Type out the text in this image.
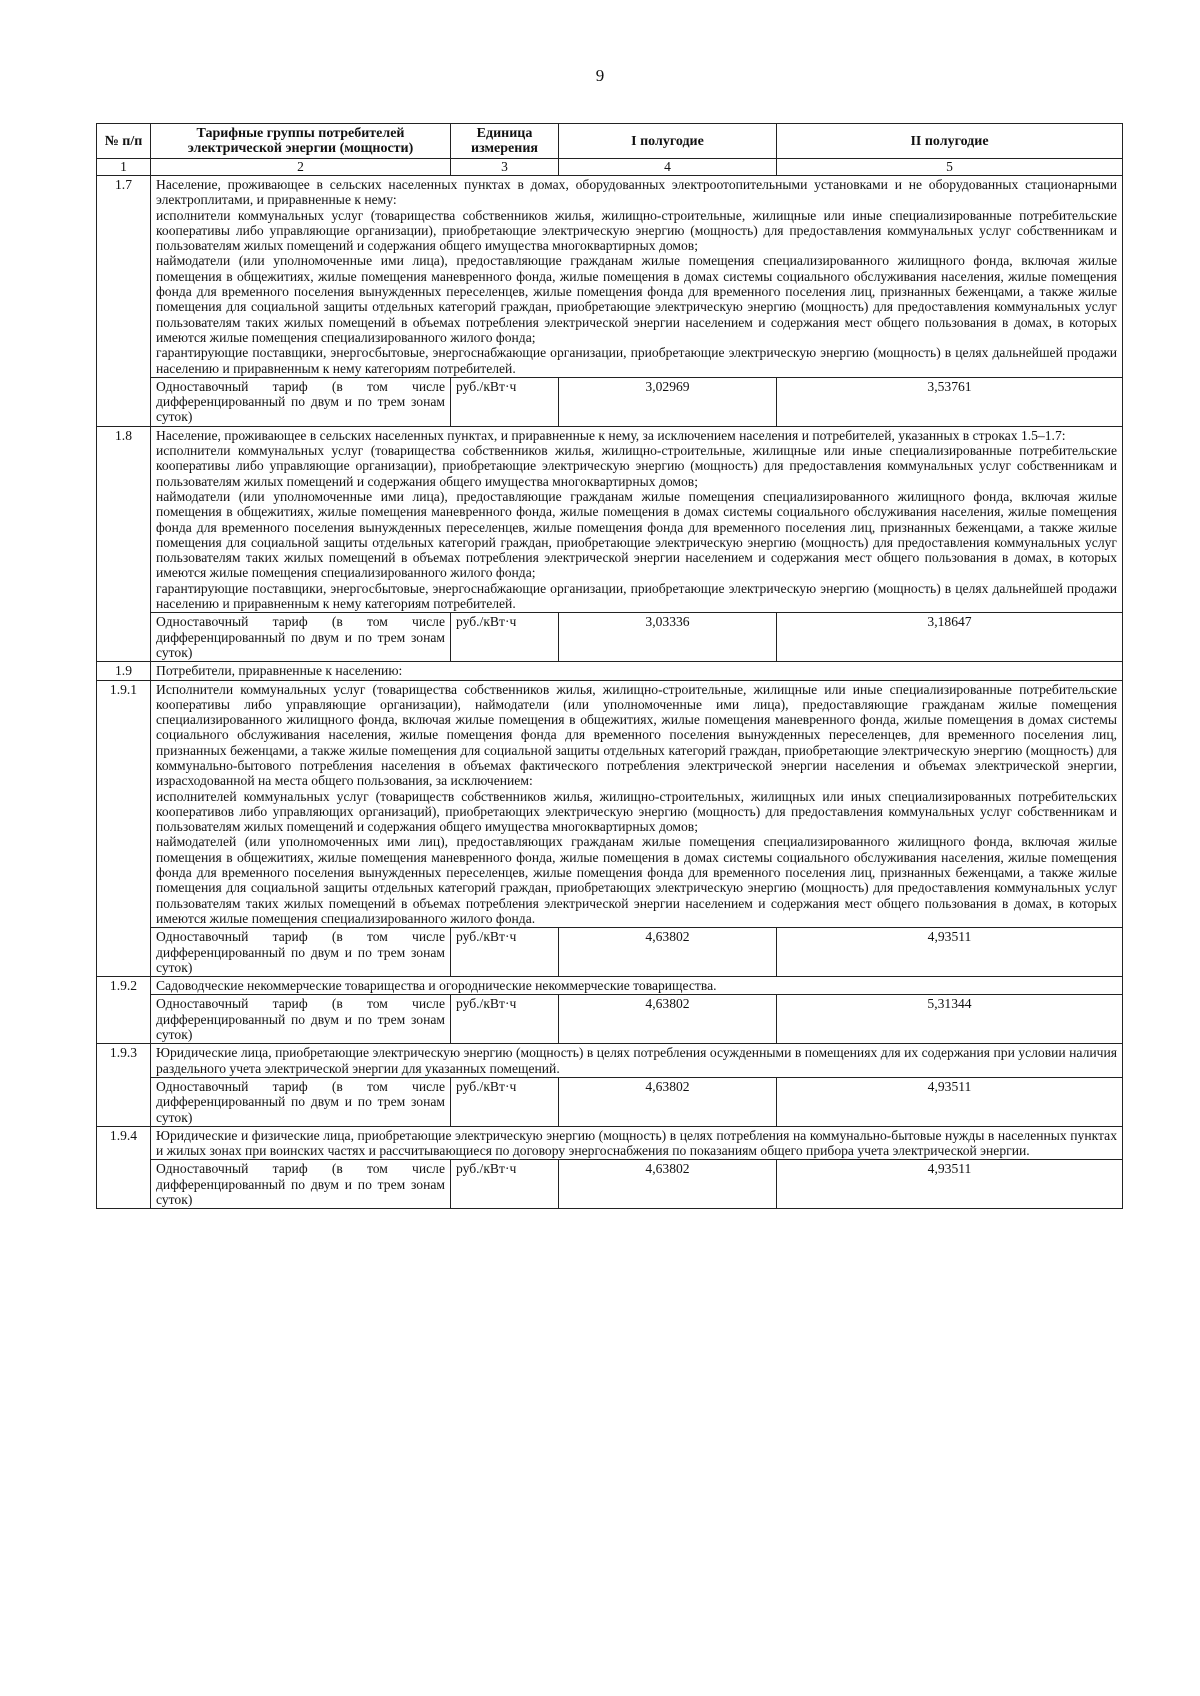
9
№ п/п	Тарифные группы потребителей электрической энергии (мощности)	Единица измерения	I полугодие	II полугодие
1	2	3	4	5
1.7	Население, проживающее в сельских населенных пунктах в домах, оборудованных электроотопительными установками и не оборудованных стационарными электроплитами, и приравненные к нему:

исполнители коммунальных услуг (товарищества собственников жилья, жилищно-строительные, жилищные или иные специализированные потребительские кооперативы либо управляющие организации), приобретающие электрическую энергию (мощность) для предоставления коммунальных услуг собственникам и пользователям жилых помещений и содержания общего имущества многоквартирных домов;

наймодатели (или уполномоченные ими лица), предоставляющие гражданам жилые помещения специализированного жилищного фонда, включая жилые помещения в общежитиях, жилые помещения маневренного фонда, жилые помещения в домах системы социального обслуживания населения, жилые помещения фонда для временного поселения вынужденных переселенцев, жилые помещения фонда для временного поселения лиц, признанных беженцами, а также жилые помещения для социальной защиты отдельных категорий граждан, приобретающие электрическую энергию (мощность) для предоставления коммунальных услуг пользователям таких жилых помещений в объемах потребления электрической энергии населением и содержания мест общего пользования в домах, в которых имеются жилые помещения специализированного жилого фонда;

гарантирующие поставщики, энергосбытовые, энергоснабжающие организации, приобретающие электрическую энергию (мощность) в целях дальнейшей продажи населению и приравненным к нему категориям потребителей.			

	Одноставочный тариф (в том числе дифференцированный по двум и по трем зонам суток)	руб./кВт·ч	3,02969	3,53761
1.8	Население, проживающее в сельских населенных пунктах, и приравненные к нему, за исключением населения и потребителей, указанных в строках 1.5–1.7:

исполнители коммунальных услуг (товарищества собственников жилья, жилищно-строительные, жилищные или иные специализированные потребительские кооперативы либо управляющие организации), приобретающие электрическую энергию (мощность) для предоставления коммунальных услуг собственникам и пользователям жилых помещений и содержания общего имущества многоквартирных домов;

наймодатели (или уполномоченные ими лица), предоставляющие гражданам жилые помещения специализированного жилищного фонда, включая жилые помещения в общежитиях, жилые помещения маневренного фонда, жилые помещения в домах системы социального обслуживания населения, жилые помещения фонда для временного поселения вынужденных переселенцев, жилые помещения фонда для временного поселения лиц, признанных беженцами, а также жилые помещения для социальной защиты отдельных категорий граждан, приобретающие электрическую энергию (мощность) для предоставления коммунальных услуг пользователям таких жилых помещений в объемах потребления электрической энергии населением и содержания мест общего пользования в домах, в которых имеются жилые помещения специализированного жилого фонда;

гарантирующие поставщики, энергосбытовые, энергоснабжающие организации, приобретающие электрическую энергию (мощность) в целях дальнейшей продажи населению и приравненным к нему категориям потребителей.			

	Одноставочный тариф (в том числе дифференцированный по двум и по трем зонам суток)	руб./кВт·ч	3,03336	3,18647
1.9	Потребители, приравненные к населению:			
1.9.1	Исполнители коммунальных услуг (товарищества собственников жилья, жилищно-строительные, жилищные или иные специализированные потребительские кооперативы либо управляющие организации), наймодатели (или уполномоченные ими лица), предоставляющие гражданам жилые помещения специализированного жилищного фонда, включая жилые помещения в общежитиях, жилые помещения маневренного фонда, жилые помещения в домах системы социального обслуживания населения, жилые помещения фонда для временного поселения вынужденных переселенцев, для временного поселения лиц, признанных беженцами, а также жилые помещения для социальной защиты отдельных категорий граждан, приобретающие электрическую энергию (мощность) для коммунально-бытового потребления населения в объемах фактического потребления электрической энергии населения и объемах электрической энергии, израсходованной на места общего пользования, за исключением:

исполнителей коммунальных услуг (товариществ собственников жилья, жилищно-строительных, жилищных или иных специализированных потребительских кооперативов либо управляющих организаций), приобретающих электрическую энергию (мощность) для предоставления коммунальных услуг собственникам и пользователям жилых помещений и содержания общего имущества многоквартирных домов;

наймодателей (или уполномоченных ими лиц), предоставляющих гражданам жилые помещения специализированного жилищного фонда, включая жилые помещения в общежитиях, жилые помещения маневренного фонда, жилые помещения в домах системы социального обслуживания населения, жилые помещения фонда для временного поселения вынужденных переселенцев, жилые помещения фонда для временного поселения лиц, признанных беженцами, а также жилые помещения для социальной защиты отдельных категорий граждан, приобретающих электрическую энергию (мощность) для предоставления коммунальных услуг пользователям таких жилых помещений в объемах потребления электрической энергии населением и содержания мест общего пользования в домах, в которых имеются жилые помещения специализированного жилого фонда.			

	Одноставочный тариф (в том числе дифференцированный по двум и по трем зонам суток)	руб./кВт·ч	4,63802	4,93511
1.9.2	Садоводческие некоммерческие товарищества и огороднические некоммерческие товарищества.			

	Одноставочный тариф (в том числе дифференцированный по двум и по трем зонам суток)	руб./кВт·ч	4,63802	5,31344
1.9.3	Юридические лица, приобретающие электрическую энергию (мощность) в целях потребления осужденными в помещениях для их содержания при условии наличия раздельного учета электрической энергии для указанных помещений.			

	Одноставочный тариф (в том числе дифференцированный по двум и по трем зонам суток)	руб./кВт·ч	4,63802	4,93511
1.9.4	Юридические и физические лица, приобретающие электрическую энергию (мощность) в целях потребления на коммунально-бытовые нужды в населенных пунктах и жилых зонах при воинских частях и рассчитывающиеся по договору энергоснабжения по показаниям общего прибора учета электрической энергии.			

	Одноставочный тариф (в том числе дифференцированный по двум и по трем зонам суток)	руб./кВт·ч	4,63802	4,93511
